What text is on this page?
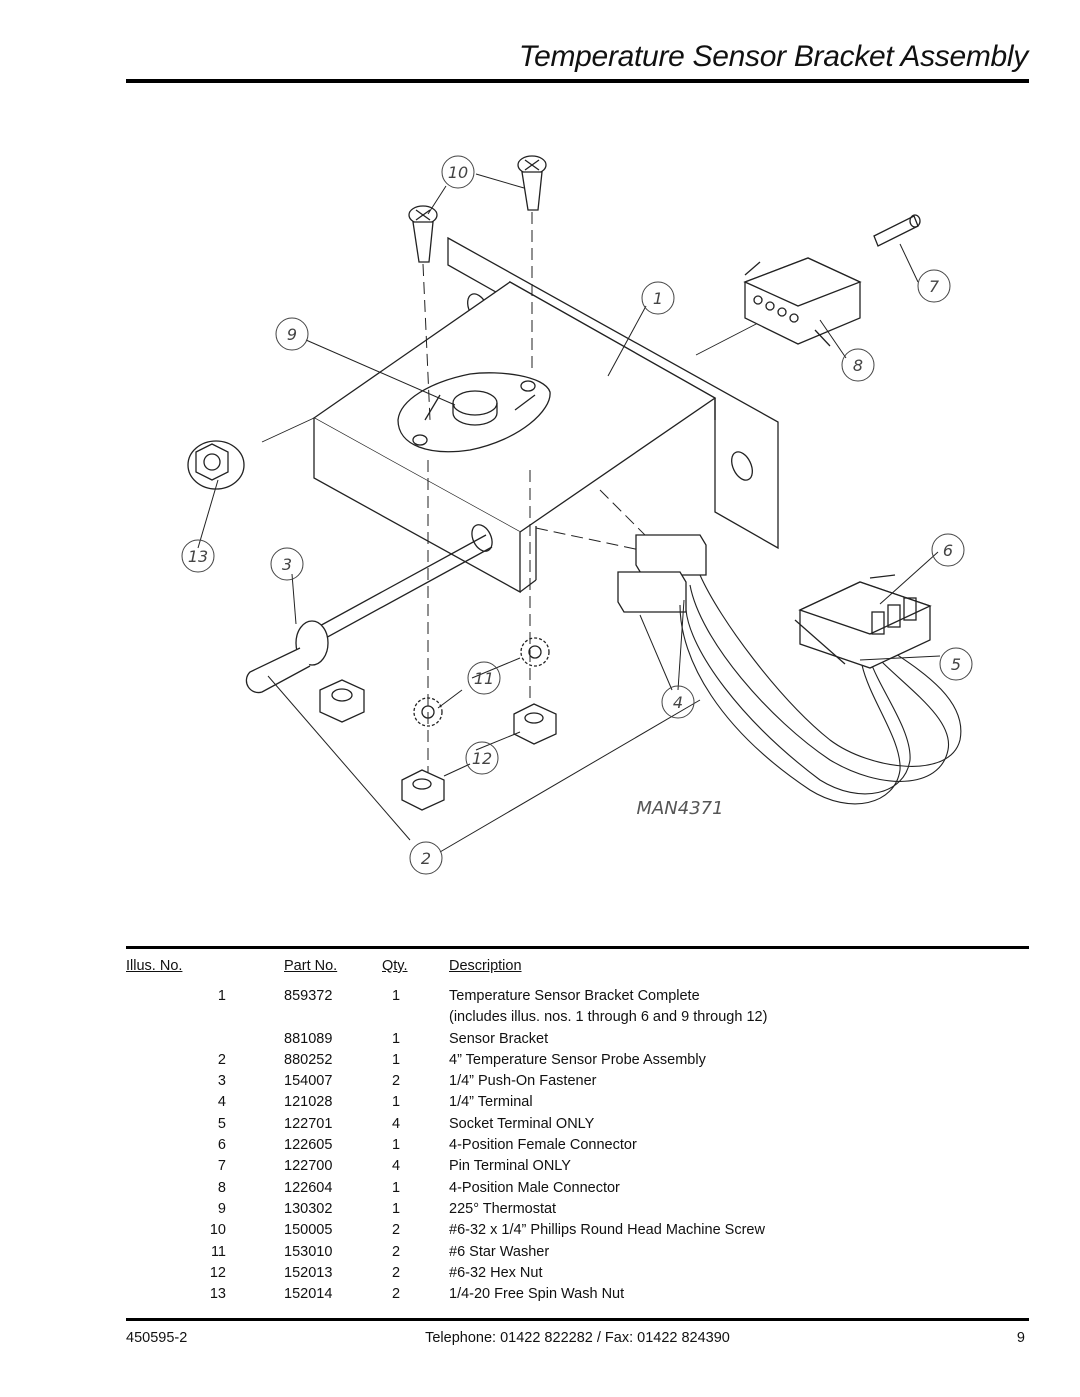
Temperature Sensor Bracket Assembly
1
2
3
4
5
6
7
8
9
10
11
12
13
MAN4371
Illus. No.	Part No.	Qty.	Description
1	859372	1	Temperature Sensor Bracket Complete
			(includes illus. nos. 1 through 6 and 9 through 12)
	881089	1	Sensor Bracket
2	880252	1	4” Temperature Sensor Probe Assembly
3	154007	2	1/4” Push-On Fastener
4	121028	1	1/4” Terminal
5	122701	4	Socket Terminal ONLY
6	122605	1	4-Position Female Connector
7	122700	4	Pin Terminal ONLY
8	122604	1	4-Position Male Connector
9	130302	1	225° Thermostat
10	150005	2	#6-32 x 1/4” Phillips Round Head Machine Screw
11	153010	2	#6 Star Washer
12	152013	2	#6-32 Hex Nut
13	152014	2	1/4-20 Free Spin Wash Nut
450595-2	Telephone: 01422 822282 / Fax: 01422 824390	9
